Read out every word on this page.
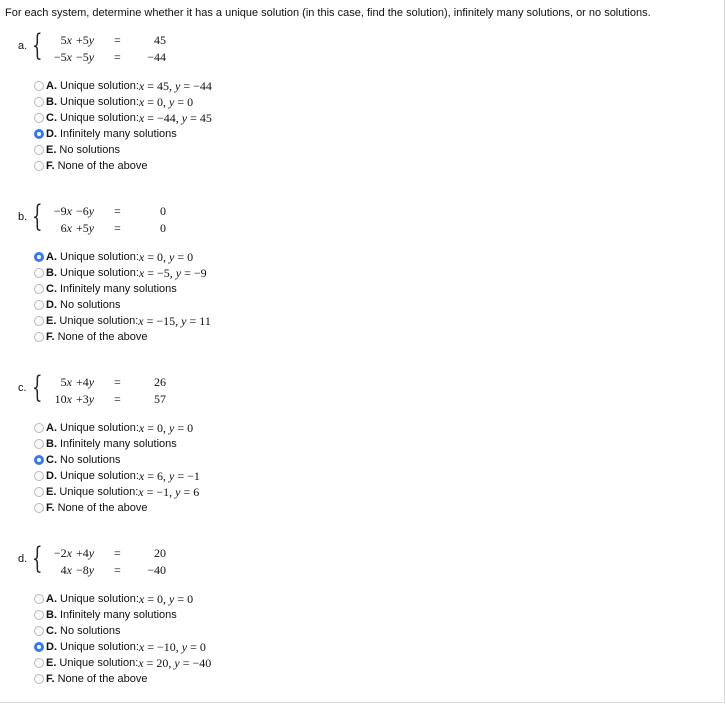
For each system, determine whether it has a unique solution (in this case, find the solution), infinitely many solutions, or no solutions.
a. {	5x +5y	=	45
−5x −5y	=	−44
A. Unique solution: x = 45, y = −44
B. Unique solution: x = 0, y = 0
C. Unique solution: x = −44, y = 45
D. Infinitely many solutions
E. No solutions
F. None of the above
b. { −9x −6y	=	0
6x +5y	=	0
A. Unique solution: x = 0, y = 0
B. Unique solution: x = −5, y = −9
C. Infinitely many solutions
D. No solutions
E. Unique solution: x = −15, y = 11
F. None of the above
c. {	5x +4y	=	26
10x +3y	=	57
A. Unique solution: x = 0, y = 0
B. Infinitely many solutions
C. No solutions
D. Unique solution: x = 6, y = −1
E. Unique solution: x = −1, y = 6
F. None of the above
d. { −2x +4y	=	20
4x −8y	=	−40
A. Unique solution: x = 0, y = 0
B. Infinitely many solutions
C. No solutions
D. Unique solution: x = −10, y = 0
E. Unique solution: x = 20, y = −40
F. None of the above
